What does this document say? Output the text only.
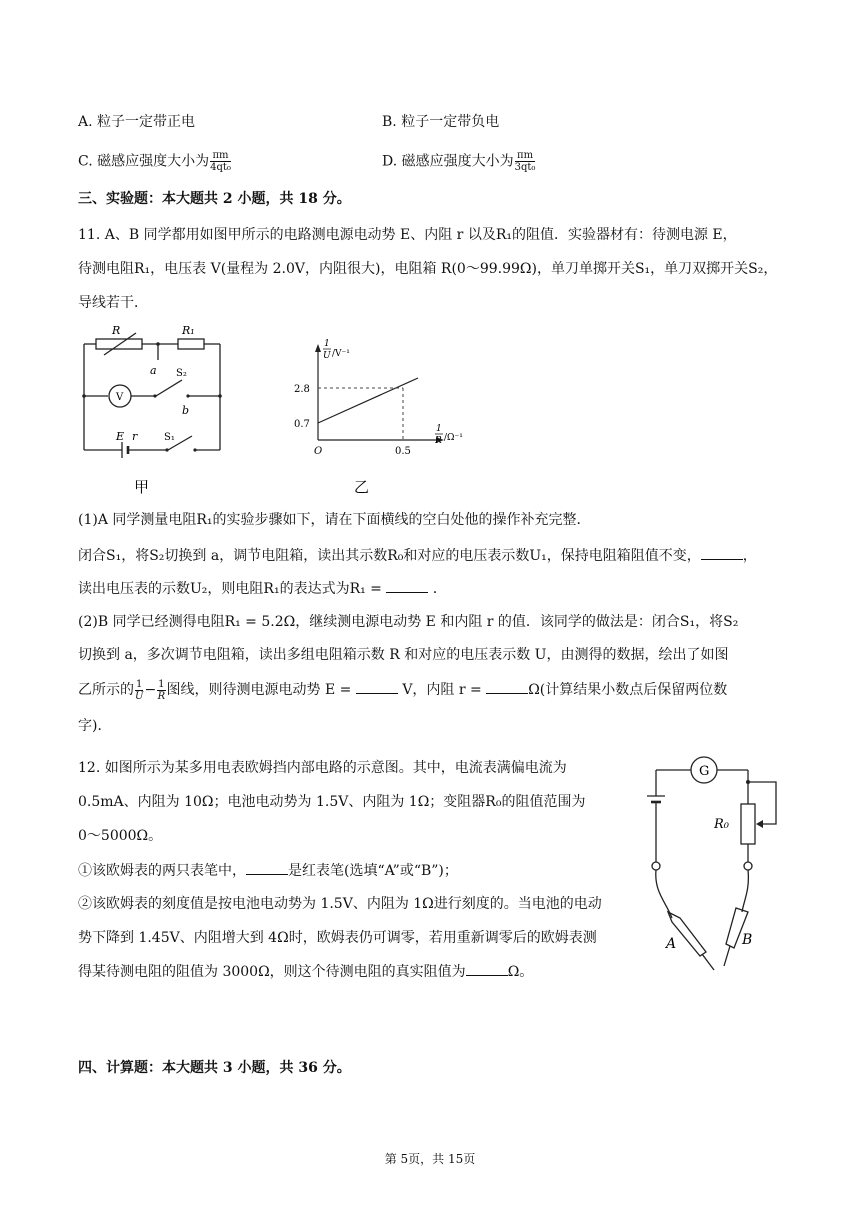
A. 粒子一定带正电	B. 粒子一定带负电
C. 磁感应强度大小为 $\frac{\pi m}{\text{4qt₀}}$	D. 磁感应强度大小为 $\frac{\pi m}{\text{3qt₀}}$
三、实验题：本大题共 2 小题，共 18 分。
11. A、B 同学都用如图甲所示的电路测电源电动势 E、内阻 r 以及R₁的阻值．实验器材有：待测电源 E，
待测电阻R₁，电压表 V(量程为 2.0V，内阻很大)，电阻箱 R(0～99.99Ω)，单刀单掷开关S₁，单刀双掷开关S₂，
导线若干．
R	R₁
a S₂
V
b
E r	S₁
甲
1
U /V⁻¹
2.8
0.7
0.5
O
1
R /Ω⁻¹
乙
(1)A 同学测量电阻R₁的实验步骤如下，请在下面横线的空白处他的操作补充完整．
闭合S₁，将S₂切换到 a，调节电阻箱，读出其示数R₀和对应的电压表示数U₁，保持电阻箱阻值不变，	，
读出电压表的示数U₂，则电阻R₁的表达式为R₁ =	．
(2)B 同学已经测得电阻R₁ = 5.2Ω，继续测电源电动势 E 和内阻 r 的值．该同学的做法是：闭合S₁，将S₂
切换到 a，多次调节电阻箱，读出多组电阻箱示数 R 和对应的电压表示数 U，由测得的数据，绘出了如图
乙所示的 $\frac{1}{U}- \frac{1}{R}$图线，则待测电源电动势 E =	V，内阻 r =	Ω(计算结果小数点后保留两位数
字)．
12. 如图所示为某多用电表欧姆挡内部电路的示意图。其中，电流表满偏电流为
0.5mA、内阻为 10Ω；电池电动势为 1.5V、内阻为 1Ω；变阻器R₀的阻值范围为
0～5000Ω。
①该欧姆表的两只表笔中，	是红表笔(选填“A”或“B”)；
②该欧姆表的刻度值是按电池电动势为 1.5V、内阻为 1Ω进行刻度的。当电池的电动
势下降到 1.45V、内阻增大到 4Ω时，欧姆表仍可调零，若用重新调零后的欧姆表测
得某待测电阻的阻值为 3000Ω，则这个待测电阻的真实阻值为	Ω。
G
R₀
A	B
四、计算题：本大题共 3 小题，共 36 分。
第 5页，共 15页
